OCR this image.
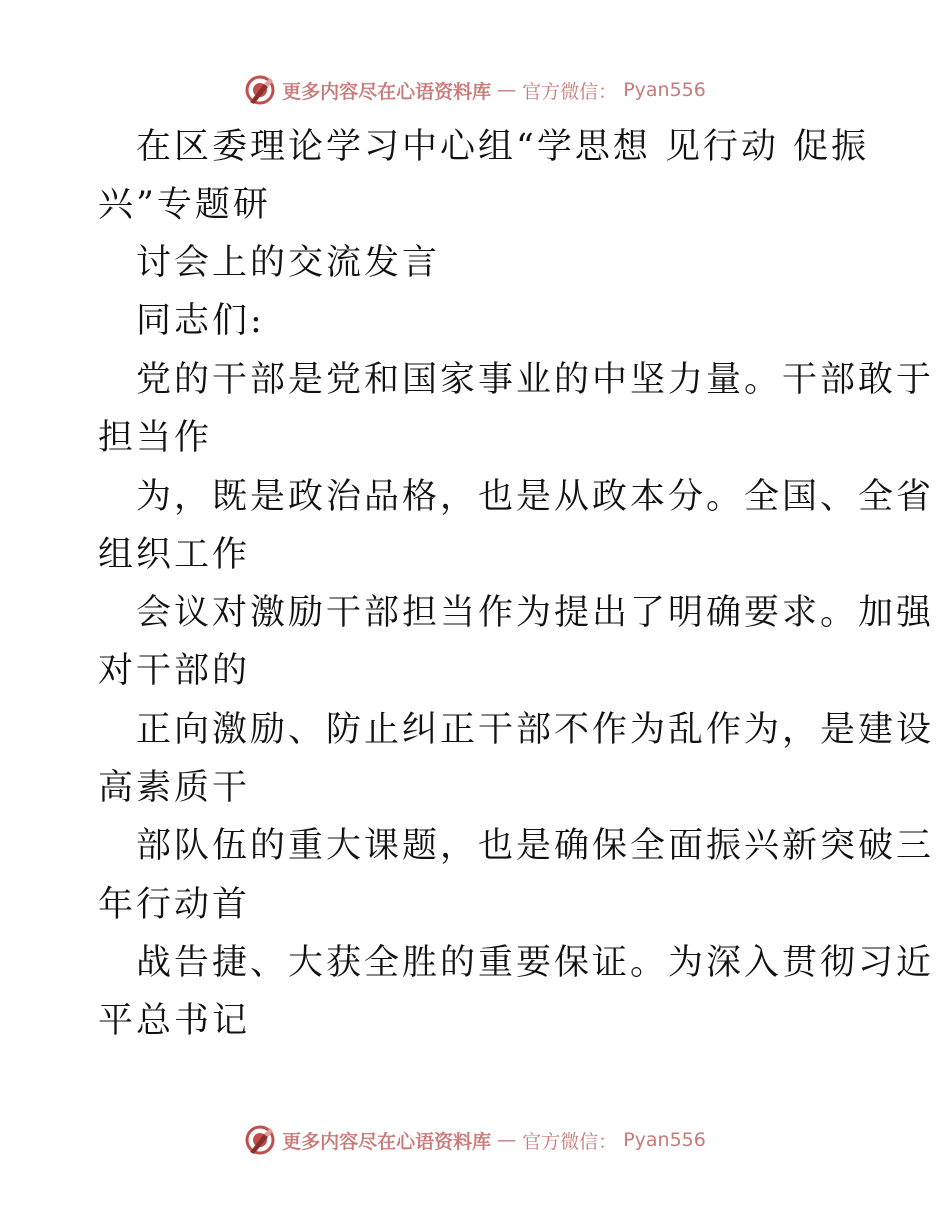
更多内容尽在心语资料库 — 官方微信： Pyan556
在区委理论学习中心组“学思想 见行动 促振
兴”专题研
讨会上的交流发言
同志们:
党的干部是党和国家事业的中坚力量。干部敢于
担当作
为，既是政治品格，也是从政本分。全国、全省
组织工作
会议对激励干部担当作为提出了明确要求。加强
对干部的
正向激励、防止纠正干部不作为乱作为，是建设
高素质干
部队伍的重大课题，也是确保全面振兴新突破三
年行动首
战告捷、大获全胜的重要保证。为深入贯彻习近
平总书记
更多内容尽在心语资料库 — 官方微信： Pyan556
